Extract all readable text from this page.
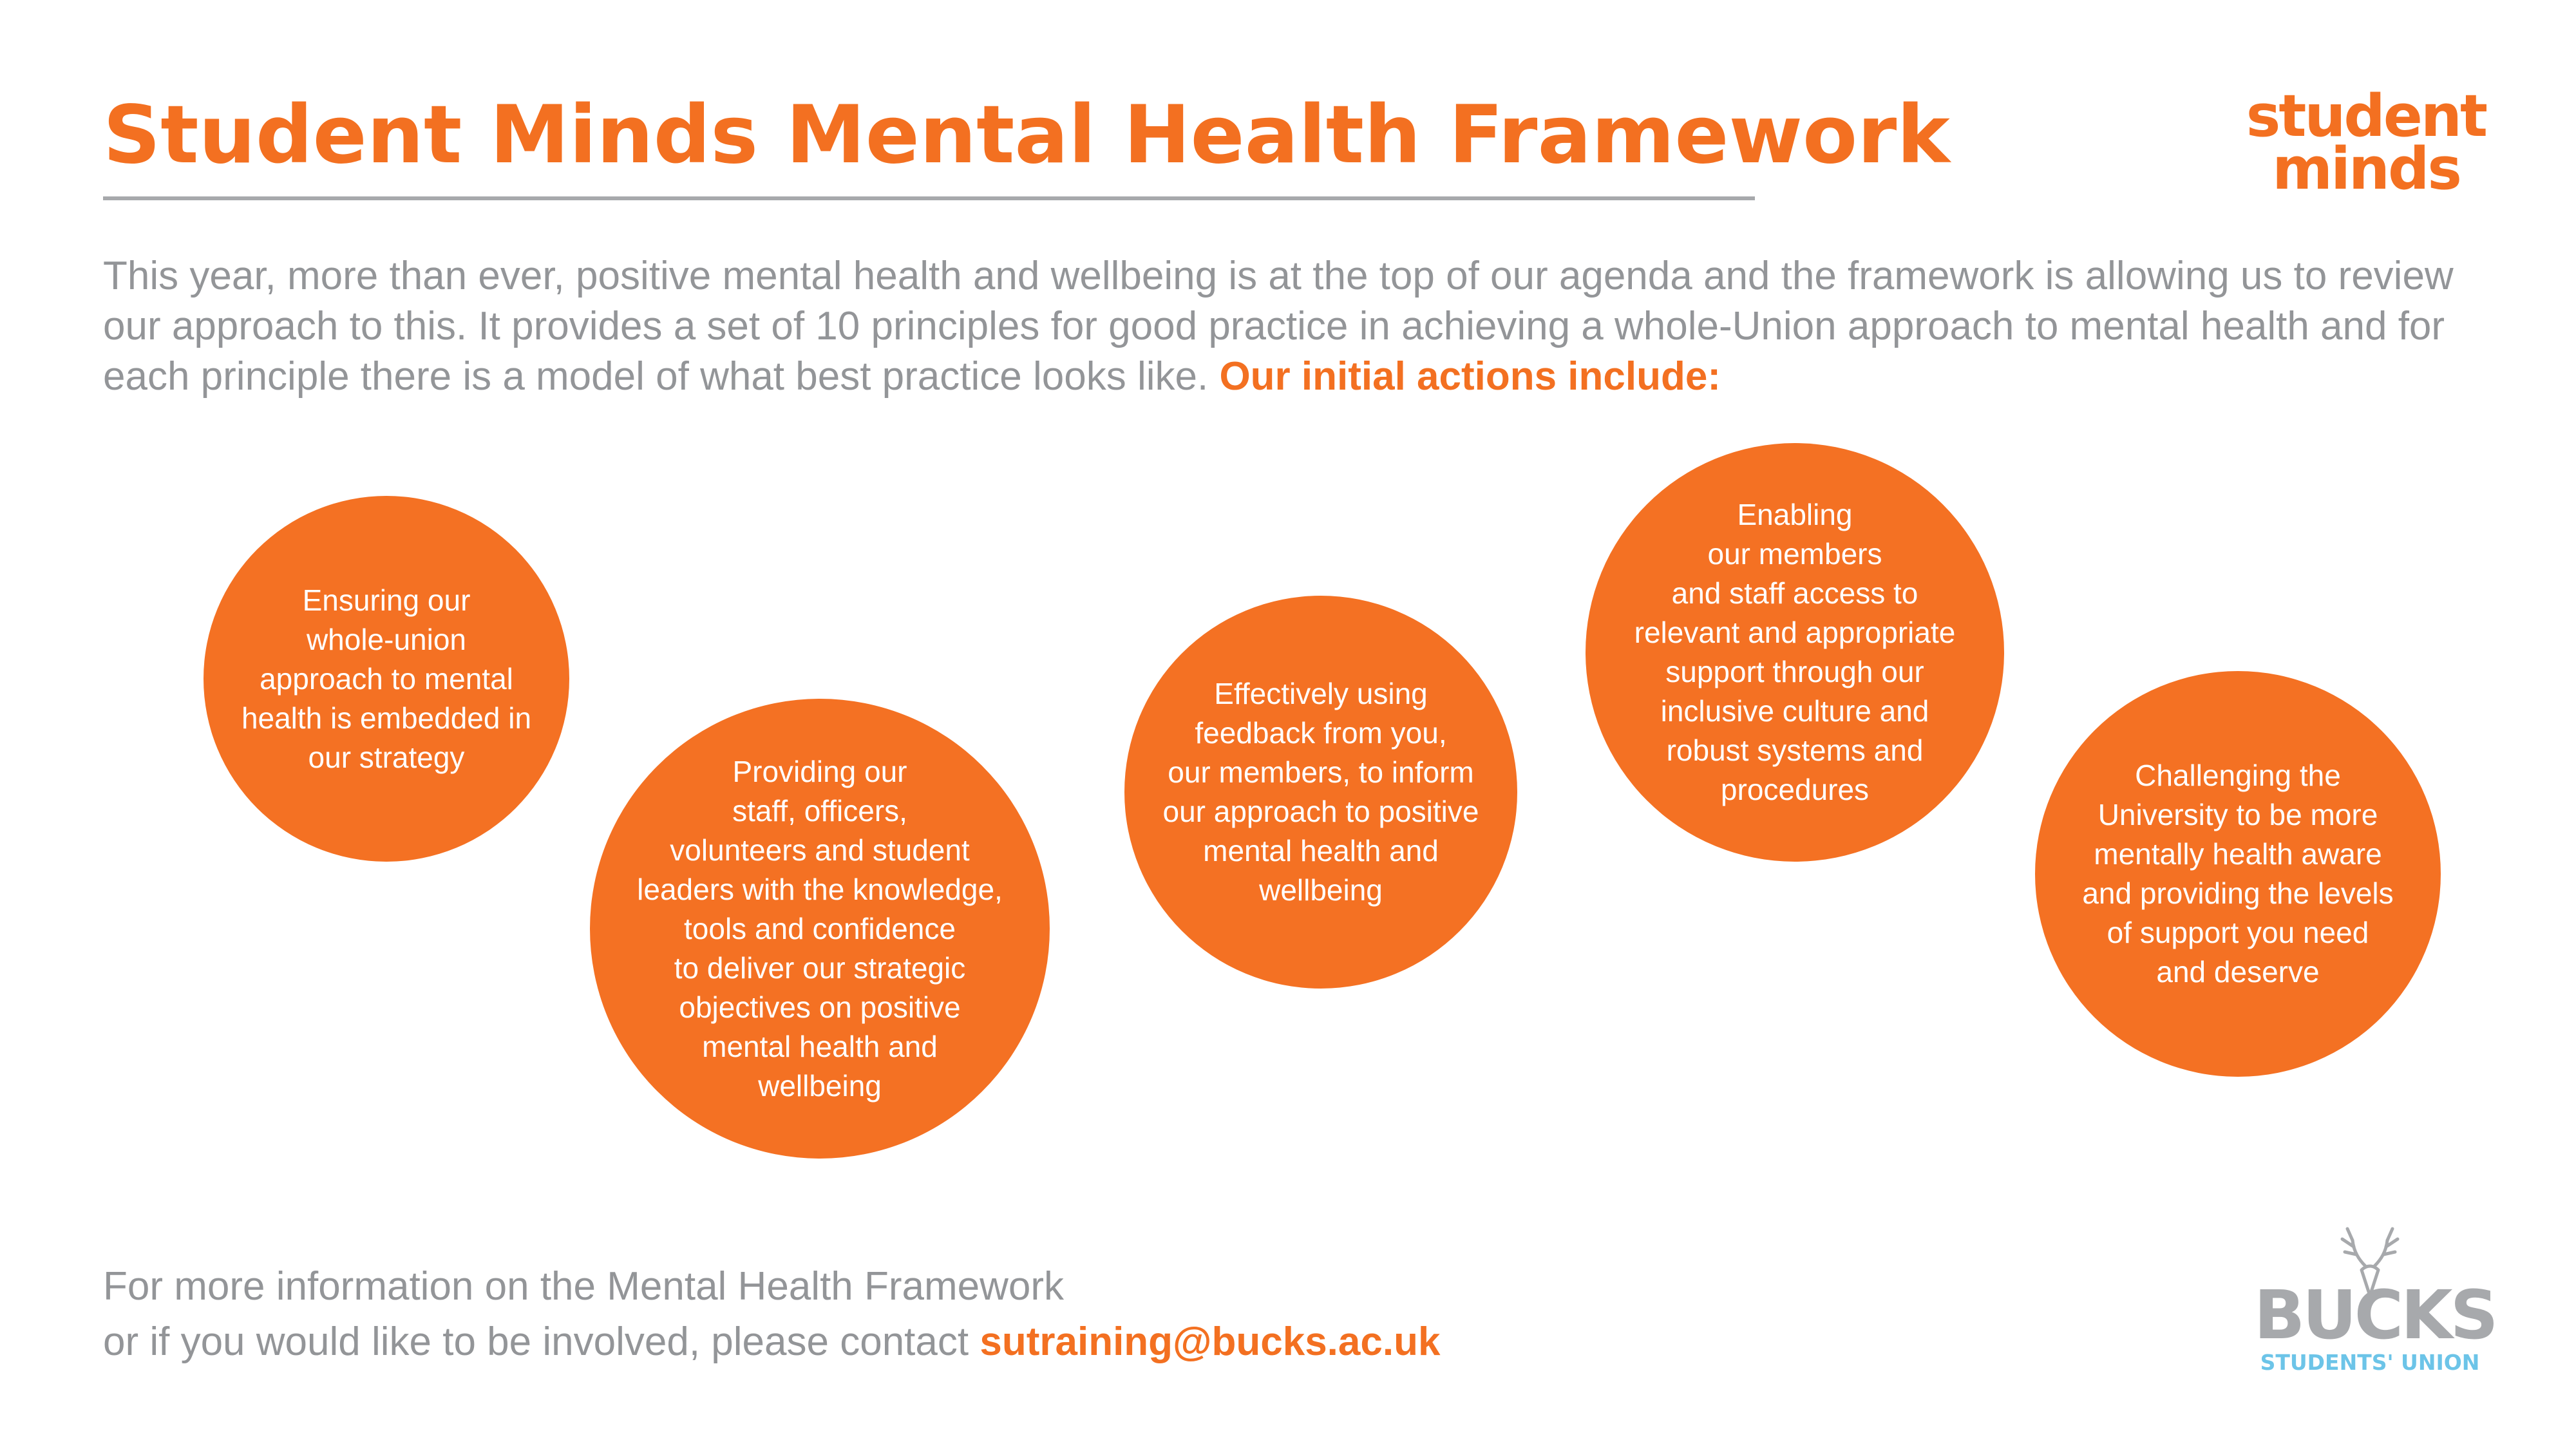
Student Minds Mental Health Framework	student
minds

This year, more than ever, positive mental health and wellbeing is at the top of our agenda and the framework is allowing us to review our approach to this. It provides a set of 10 principles for good practice in achieving a whole-Union approach to mental health and for each principle there is a model of what best practice looks like. Our initial actions include:

Ensuring our
whole-union
approach to mental
health is embedded in
our strategy	Providing our
staff, officers,
volunteers and student
leaders with the knowledge,
tools and confidence
to deliver our strategic
objectives on positive
mental health and
wellbeing
Effectively using
feedback from you,
our members, to inform
our approach to positive
mental health and
wellbeing
Enabling
our members
and staff access to
relevant and appropriate
support through our
inclusive culture and
robust systems and
procedures	Challenging the
University to be more
mentally health aware
and providing the levels
of support you need
and deserve

For more information on the Mental Health Framework
or if you would like to be involved, please contact sutraining@bucks.ac.uk	BUCKS
STUDENTS' UNION
